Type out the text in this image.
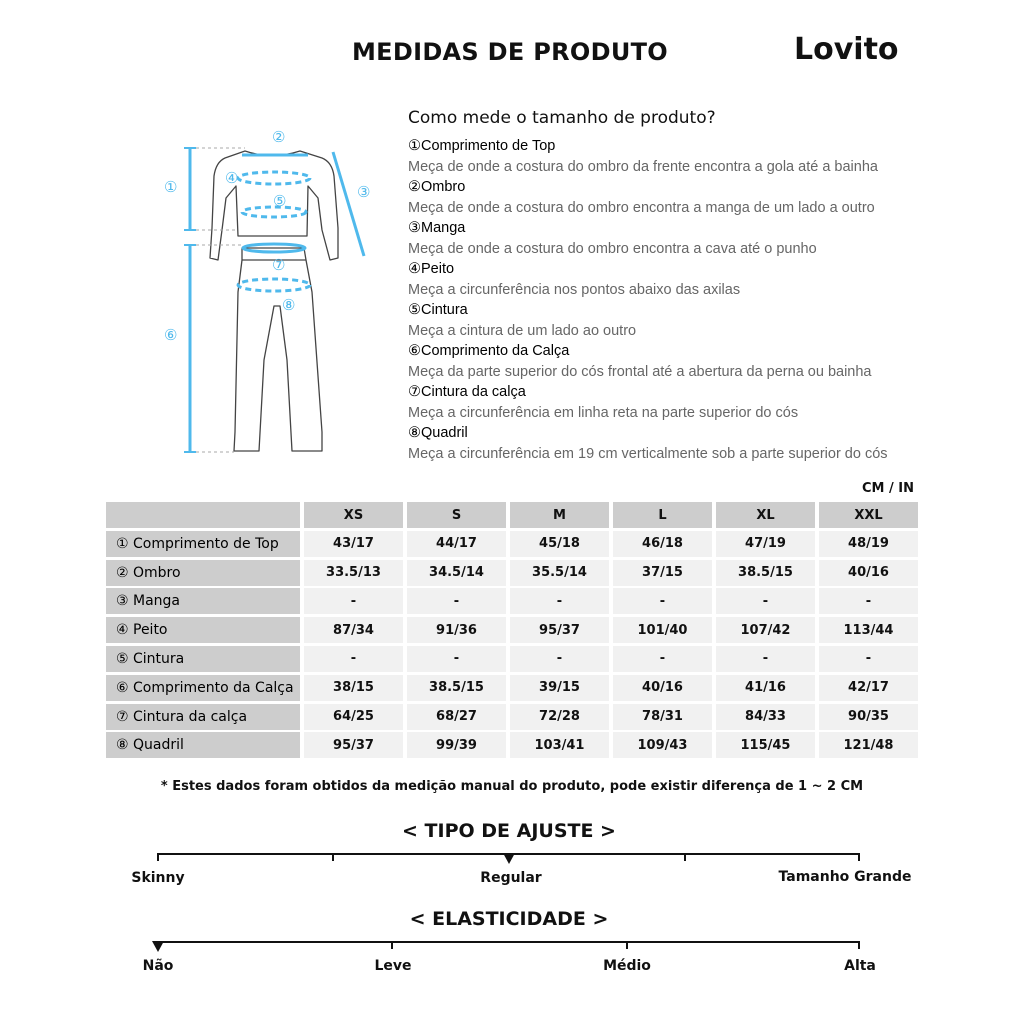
MEDIDAS DE PRODUTO	Lovito
②
①
④
⑤
③
⑦
⑥
⑧
Como mede o tamanho de produto?
①Comprimento de Top
Meça de onde a costura do ombro da frente encontra a gola até a bainha
②Ombro
Meça de onde a costura do ombro encontra a manga de um lado a outro
③Manga
Meça de onde a costura do ombro encontra a cava até o punho
④Peito
Meça a circunferência nos pontos abaixo das axilas
⑤Cintura
Meça a cintura de um lado ao outro
⑥Comprimento da Calça
Meça da parte superior do cós frontal até a abertura da perna ou bainha
⑦Cintura da calça
Meça a circunferência em linha reta na parte superior do cós
⑧Quadril
Meça a circunferência em 19 cm verticalmente sob a parte superior do cós
CM / IN
XS	S	M	L	XL	XXL
① Comprimento de Top	43/17	44/17	45/18	46/18	47/19	48/19
② Ombro	33.5/13	34.5/14	35.5/14	37/15	38.5/15	40/16
③ Manga	-	-	-	-	-	-
④ Peito	87/34	91/36	95/37	101/40	107/42	113/44
⑤ Cintura	-	-	-	-	-	-
⑥ Comprimento da Calça	38/15	38.5/15	39/15	40/16	41/16	42/17
⑦ Cintura da calça	64/25	68/27	72/28	78/31	84/33	90/35
⑧ Quadril	95/37	99/39	103/41	109/43	115/45	121/48
* Estes dados foram obtidos da medição manual do produto, pode existir diferença de 1 ~ 2 CM
< TIPO DE AJUSTE >
Skinny	Regular	Tamanho Grande
< ELASTICIDADE >
Não	Leve	Médio	Alta
